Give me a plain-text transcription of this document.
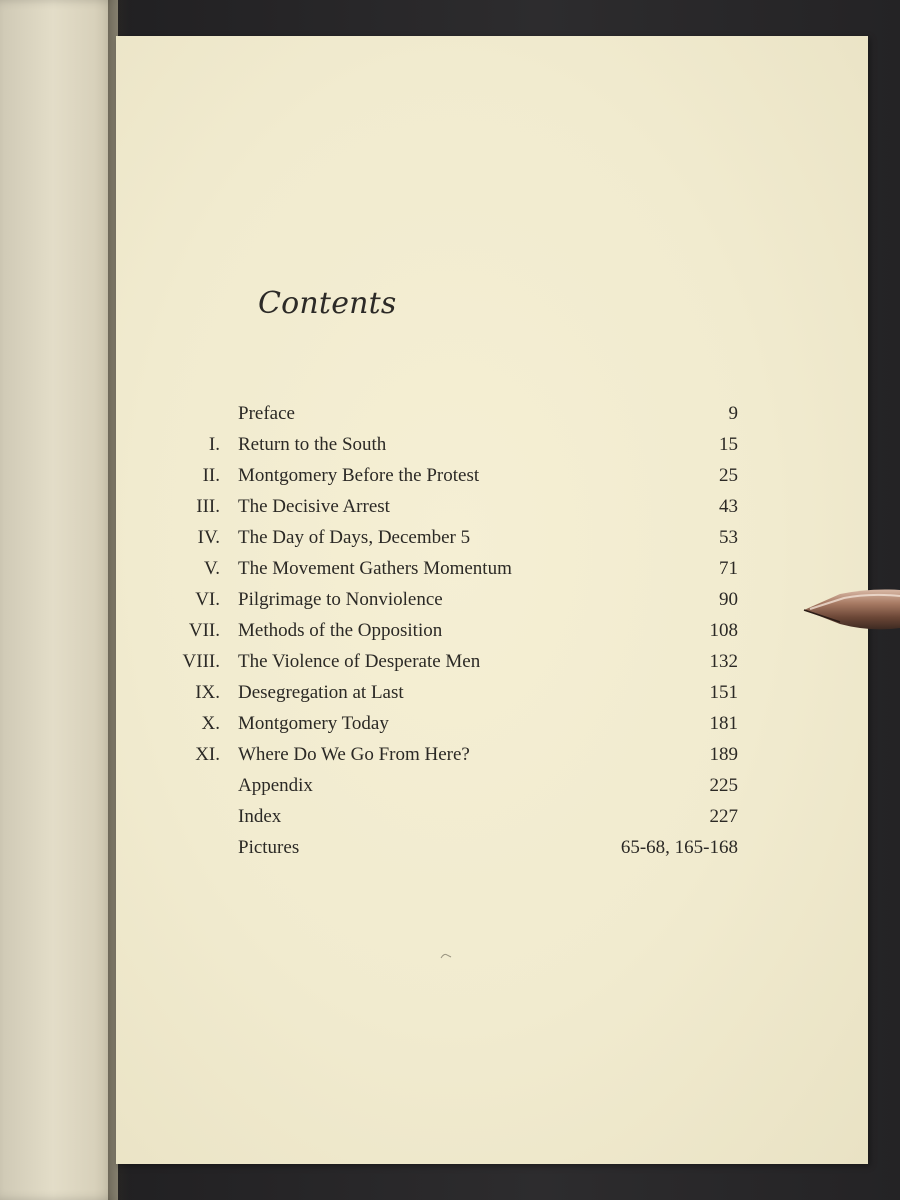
Contents
Preface	9
I. Return to the South	15
II. Montgomery Before the Protest	25
III. The Decisive Arrest	43
IV. The Day of Days, December 5	53
V. The Movement Gathers Momentum	71
VI. Pilgrimage to Nonviolence	90
VII. Methods of the Opposition	108
VIII. The Violence of Desperate Men	132
IX. Desegregation at Last	151
X. Montgomery Today	181
XI. Where Do We Go From Here?	189
Appendix	225
Index	227
Pictures	65-68, 165-168
